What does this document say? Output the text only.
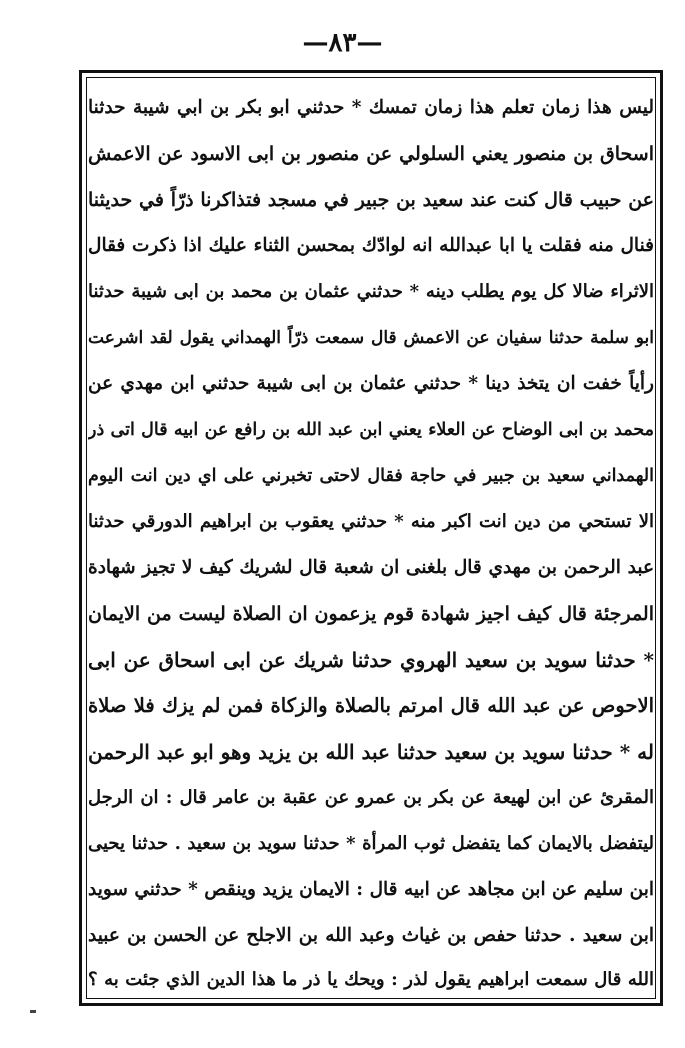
—٨٣—
ليس هذا زمان تعلم هذا زمان تمسك * حدثني ابو بكر بن ابي شيبة حدثنا
اسحاق بن منصور يعني السلولي عن منصور بن ابى الاسود عن الاعمش
عن حبيب قال كنت عند سعيد بن جبير في مسجد فتذاكرنا ذرّاً في حديثنا
فنال منه فقلت يا ابا عبدالله انه لوادّك بمحسن الثناء عليك اذا ذكرت فقال
الاثراء ضالا كل يوم يطلب دينه * حدثني عثمان بن محمد بن ابى شيبة حدثنا
ابو سلمة حدثنا سفيان عن الاعمش قال سمعت ذرّاً الهمداني يقول لقد اشرعت
رأياً خفت ان يتخذ دينا * حدثني عثمان بن ابى شيبة حدثني ابن مهدي عن
محمد بن ابى الوضاح عن العلاء يعني ابن عبد الله بن رافع عن ابيه قال اتى ذر
الهمداني سعيد بن جبير في حاجة فقال لاحتى تخبرني على اي دين انت اليوم
الا تستحي من دين انت اكبر منه * حدثني يعقوب بن ابراهيم الدورقي حدثنا
عبد الرحمن بن مهدي قال بلغنى ان شعبة قال لشريك كيف لا تجيز شهادة
المرجئة قال كيف اجيز شهادة قوم يزعمون ان الصلاة ليست من الايمان
* حدثنا سويد بن سعيد الهروي حدثنا شريك عن ابى اسحاق عن ابى
الاحوص عن عبد الله قال امرتم بالصلاة والزكاة فمن لم يزك فلا صلاة
له * حدثنا سويد بن سعيد حدثنا عبد الله بن يزيد وهو ابو عبد الرحمن
المقرئ عن ابن لهيعة عن بكر بن عمرو عن عقبة بن عامر قال : ان الرجل
ليتفضل بالايمان كما يتفضل ثوب المرأة * حدثنا سويد بن سعيد . حدثنا يحيى
ابن سليم عن ابن مجاهد عن ابيه قال : الايمان يزيد وينقص * حدثني سويد
ابن سعيد . حدثنا حفص بن غياث وعبد الله بن الاجلح عن الحسن بن عبيد
الله قال سمعت ابراهيم يقول لذر : ويحك يا ذر ما هذا الدين الذي جئت به ؟
